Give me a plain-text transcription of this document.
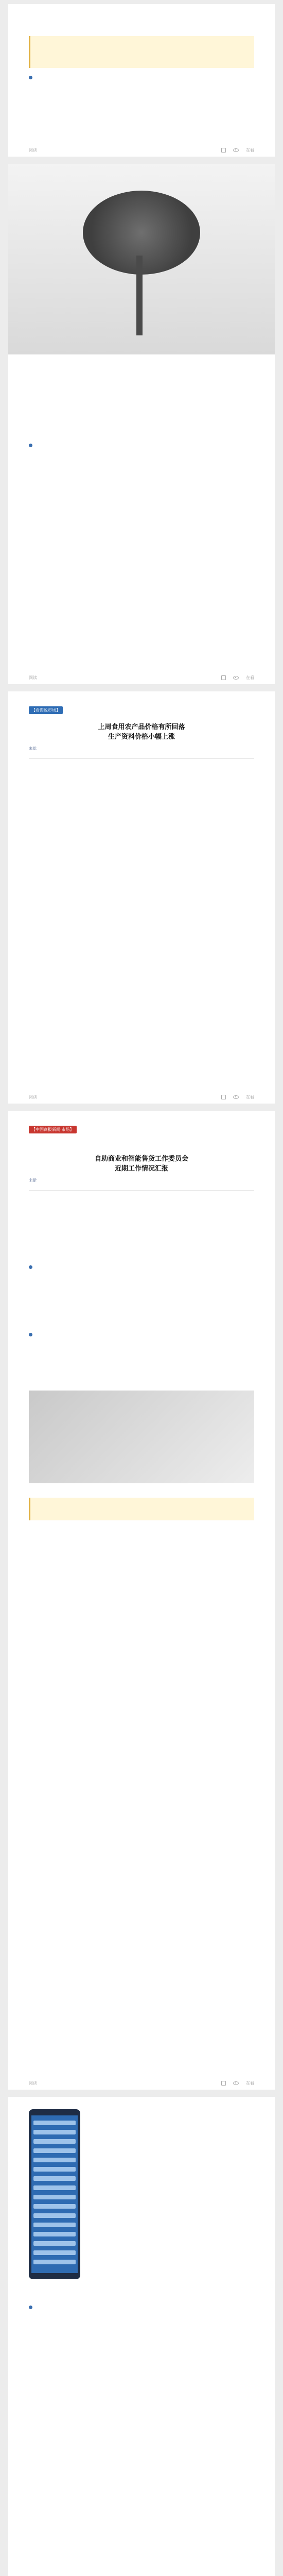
阅读	在看

阅读	在看
【看图说市场】

上周食用农产品价格有所回落

生产资料价格小幅上涨

来源：

阅读	在看
【中国商报新闻·市场】

自助商业和智能售货工作委员会

近期工作情况汇报

来源：

阅读	在看
